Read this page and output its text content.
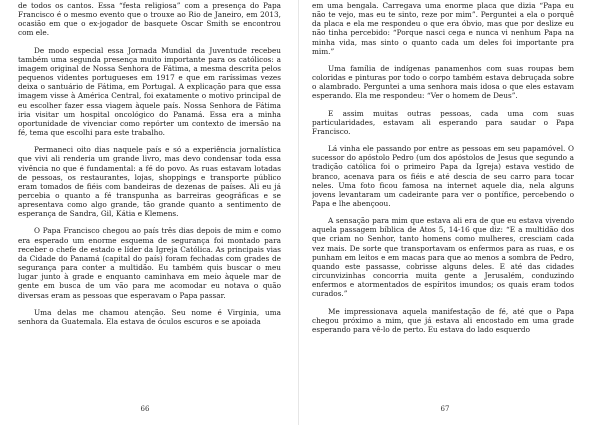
de todos os cantos. Essa “festa religiosa” com a presença do Papa Francisco é o mesmo evento que o trouxe ao Rio de Janeiro, em 2013, ocasião em que o ex-jogador de basquete Oscar Smith se encontrou com ele.

De modo especial essa Jornada Mundial da Juventude recebeu também uma segunda presença muito importante para os católicos: a imagem original de Nossa Senhora de Fátima, a mesma descrita pelos pequenos videntes portugueses em 1917 e que em raríssimas vezes deixa o santuário de Fátima, em Portugal. A explicação para que essa imagem visse à América Central, foi exatamente o motivo principal de eu escolher fazer essa viagem àquele país. Nossa Senhora de Fátima iria visitar um hospital oncológico do Panamá. Essa era a minha oportunidade de vivenciar como repórter um contexto de imersão na fé, tema que escolhi para este trabalho.

Permaneci oito dias naquele país e só a experiência jornalística que vivi ali renderia um grande livro, mas devo condensar toda essa vivência no que é fundamental: a fé do povo. As ruas estavam lotadas de pessoas, os restaurantes, lojas, shoppings e transporte público eram tomados de fiéis com bandeiras de dezenas de países. Ali eu já percebia o quanto a fé transpunha as barreiras geográficas e se apresentava como algo grande, tão grande quanto a sentimento de esperança de Sandra, Gil, Kátia e Klemens.

O Papa Francisco chegou ao país três dias depois de mim e como era esperado um enorme esquema de segurança foi montado para receber o chefe de estado e líder da Igreja Católica. As principais vias da Cidade do Panamá (capital do país) foram fechadas com grades de segurança para conter a multidão. Eu também quis buscar o meu lugar junto à grade e enquanto caminhava em meio àquele mar de gente em busca de um vão para me acomodar eu notava o quão diversas eram as pessoas que esperavam o Papa passar.

Uma delas me chamou atenção. Seu nome é Virginia, uma senhora da Guatemala. Ela estava de óculos escuros e se apoiada

66

em uma bengala. Carregava uma enorme placa que dizia “Papa eu não te vejo, mas eu te sinto, reze por mim”. Perguntei a ela o porquê da placa e ela me respondeu o que era óbvio, mas que por deslize eu não tinha percebido: “Porque nasci cega e nunca vi nenhum Papa na minha vida, mas sinto o quanto cada um deles foi importante pra mim.”

Uma família de indígenas panamenhos com suas roupas bem coloridas e pinturas por todo o corpo também estava debruçada sobre o alambrado. Perguntei a uma senhora mais idosa o que eles estavam esperando. Ela me respondeu: “Ver o homem de Deus”.

E assim muitas outras pessoas, cada uma com suas particularidades, estavam ali esperando para saudar o Papa Francisco.

Lá vinha ele passando por entre as pessoas em seu papamóvel. O sucessor do apóstolo Pedro (um dos apóstolos de Jesus que segundo a tradição católica foi o primeiro Papa da Igreja) estava vestido de branco, acenava para os fiéis e até descia de seu carro para tocar neles. Uma foto ficou famosa na internet aquele dia, nela alguns jovens levantaram um cadeirante para ver o pontífice, percebendo o Papa e lhe abençoou.

A sensação para mim que estava ali era de que eu estava vivendo aquela passagem bíblica de Atos 5, 14-16 que diz: “E a multidão dos que criam no Senhor, tanto homens como mulheres, cresciam cada vez mais. De sorte que transportavam os enfermos para as ruas, e os punham em leitos e em macas para que ao menos a sombra de Pedro, quando este passasse, cobrisse alguns deles. E até das cidades circunvizinhas concorria muita gente a Jerusalém, conduzindo enfermos e atormentados de espíritos imundos; os quais eram todos curados.”

Me impressionava aquela manifestação de fé, até que o Papa chegou próximo a mim, que já estava ali encostado em uma grade esperando para vê-lo de perto. Eu estava do lado esquerdo

67
